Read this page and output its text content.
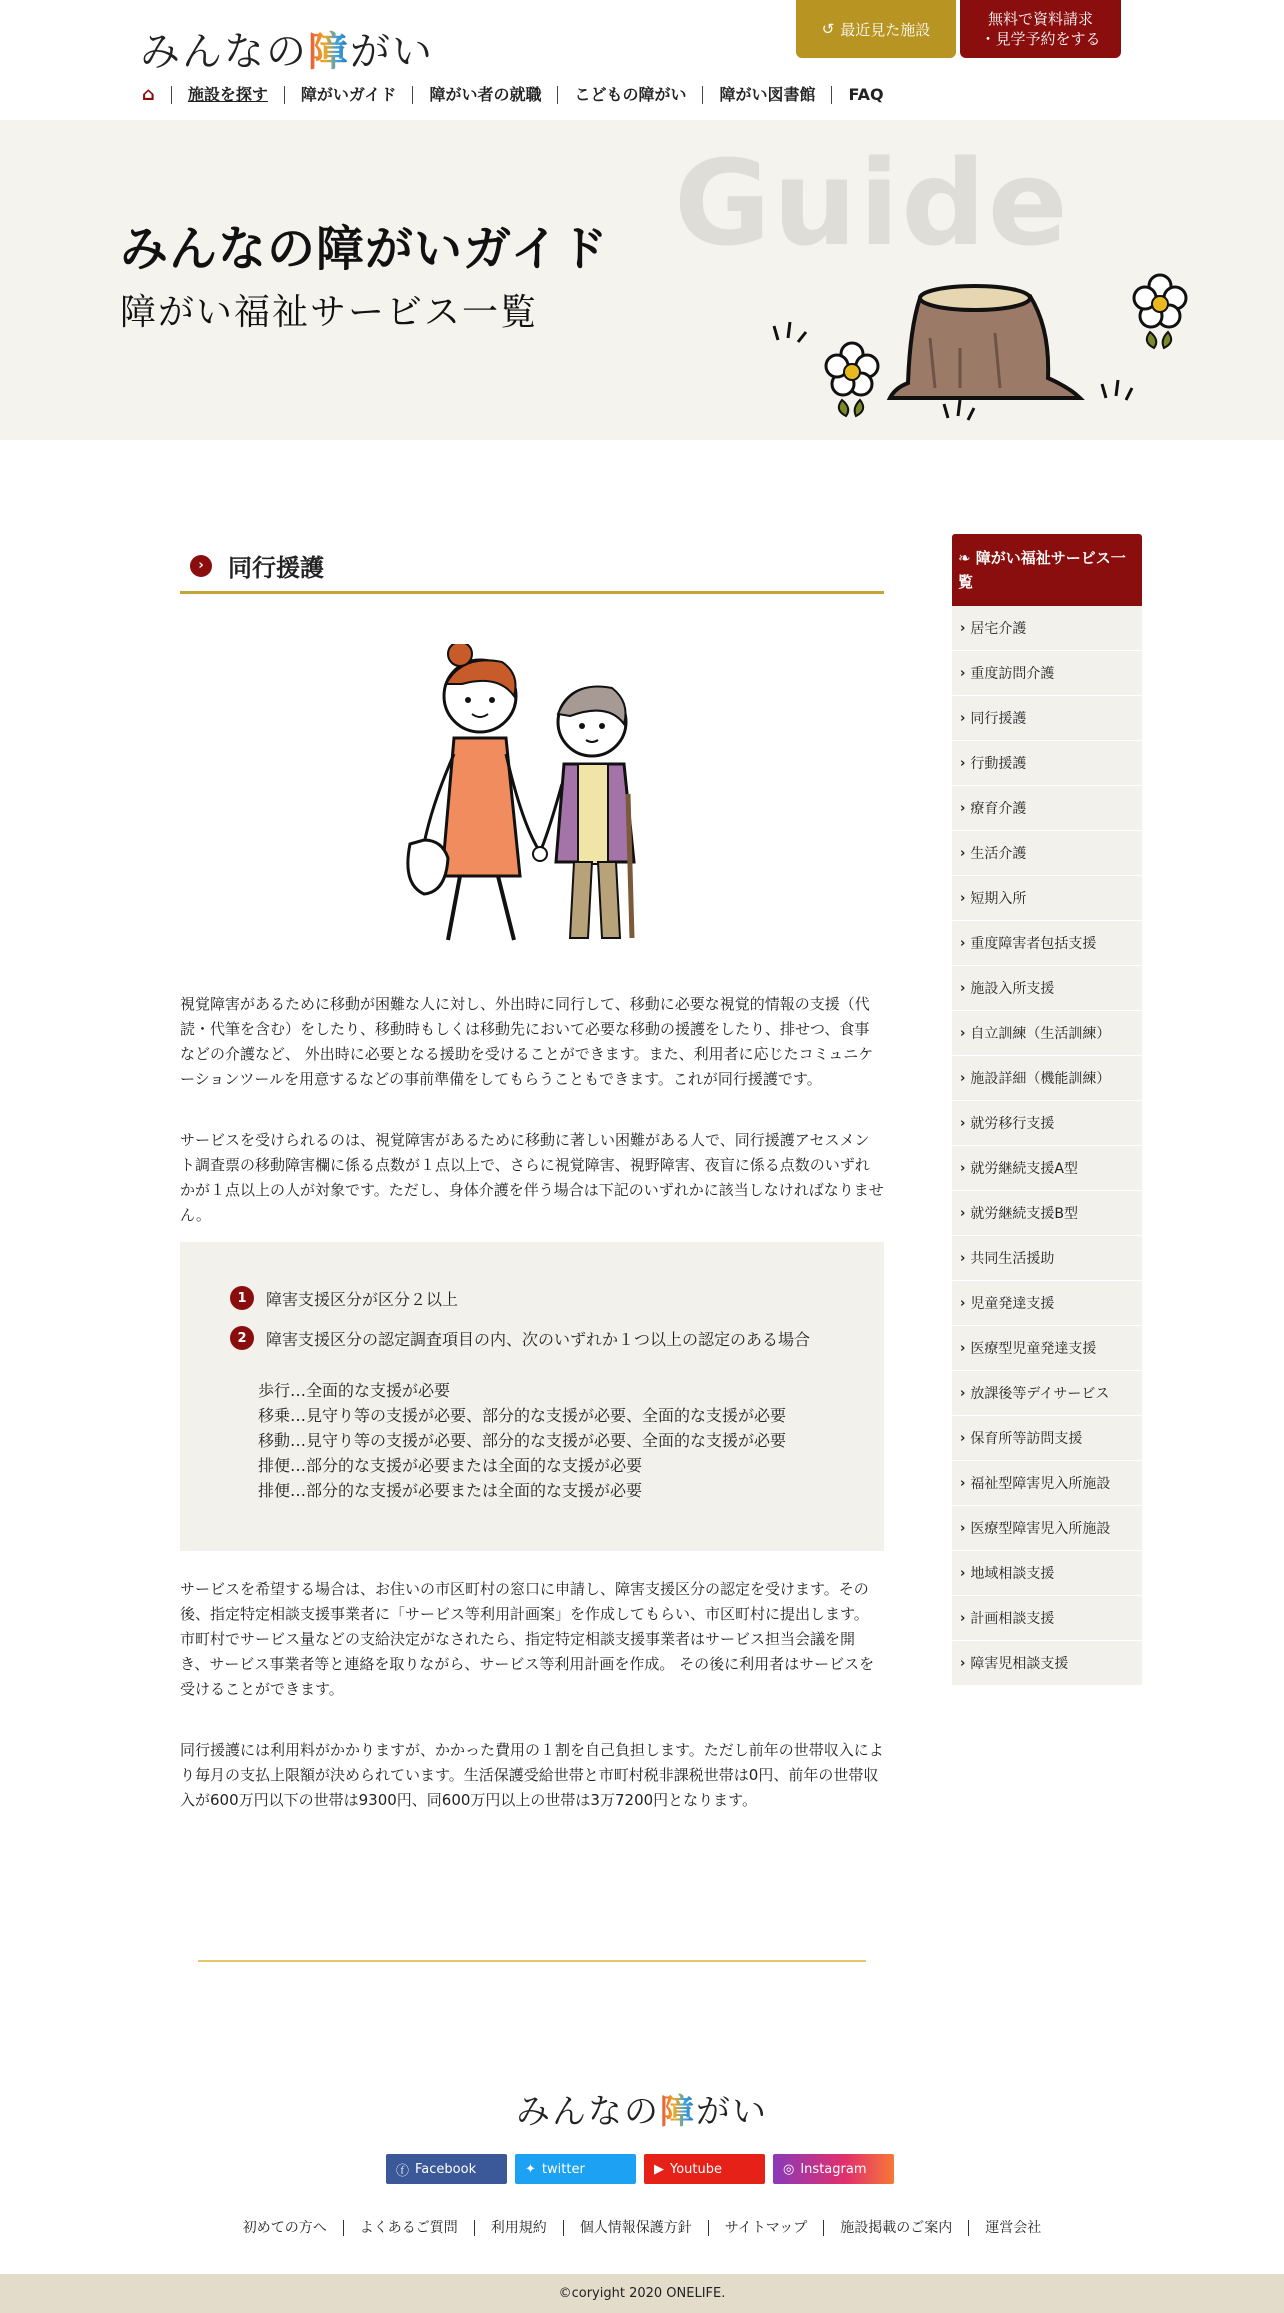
みんなの障がい	↺ 最近見た施設
無料で資料請求
・見学予約をする
⌂	施設を探す	障がいガイド	障がい者の就職	こどもの障がい	障がい図書館	FAQ
Guide
みんなの障がいガイド
障がい福祉サービス一覧
›	同行援護

視覚障害があるために移動が困難な人に対し、外出時に同行して、移動に必要な視覚的情報の支援（代読・代筆を含む）をしたり、移動時もしくは移動先において必要な移動の援護をしたり、排せつ、食事などの介護など、 外出時に必要となる援助を受けることができます。また、利用者に応じたコミュニケーションツールを用意するなどの事前準備をしてもらうこともできます。これが同行援護です。

サービスを受けられるのは、視覚障害があるために移動に著しい困難がある人で、同行援護アセスメント調査票の移動障害欄に係る点数が１点以上で、さらに視覚障害、視野障害、夜盲に係る点数のいずれかが１点以上の人が対象です。ただし、身体介護を伴う場合は下記のいずれかに該当しなければなりません。

1	障害支援区分が区分２以上
2	障害支援区分の認定調査項目の内、次のいずれか１つ以上の認定のある場合
歩行…全面的な支援が必要
移乗…見守り等の支援が必要、部分的な支援が必要、全面的な支援が必要
移動…見守り等の支援が必要、部分的な支援が必要、全面的な支援が必要
排便…部分的な支援が必要または全面的な支援が必要
排便…部分的な支援が必要または全面的な支援が必要

サービスを希望する場合は、お住いの市区町村の窓口に申請し、障害支援区分の認定を受けます。その後、指定特定相談支援事業者に「サービス等利用計画案」を作成してもらい、市区町村に提出します。 市町村でサービス量などの支給決定がなされたら、指定特定相談支援事業者はサービス担当会議を開き、サービス事業者等と連絡を取りながら、サービス等利用計画を作成。 その後に利用者はサービスを受けることができます。

同行援護には利用料がかかりますが、かかった費用の１割を自己負担します。ただし前年の世帯収入により毎月の支払上限額が決められています。生活保護受給世帯と市町村税非課税世帯は0円、前年の世帯収入が600万円以下の世帯は9300円、同600万円以上の世帯は3万7200円となります。

❧ 障がい福祉サービス一覧
› 居宅介護
› 重度訪問介護
› 同行援護
› 行動援護
› 療育介護
› 生活介護
› 短期入所
› 重度障害者包括支援
› 施設入所支援
› 自立訓練（生活訓練）
› 施設詳細（機能訓練）
› 就労移行支援
› 就労継続支援A型
› 就労継続支援B型
› 共同生活援助
› 児童発達支援
› 医療型児童発達支援
› 放課後等デイサービス
› 保育所等訪問支援
› 福祉型障害児入所施設
› 医療型障害児入所施設
› 地域相談支援
› 計画相談支援
› 障害児相談支援
みんなの障がい
ⓕ Facebook	✦ twitter	▶ Youtube	◎ Instagram
初めての方へ	よくあるご質問	利用規約	個人情報保護方針	サイトマップ	施設掲載のご案内	運営会社
©coryight 2020 ONELIFE.
